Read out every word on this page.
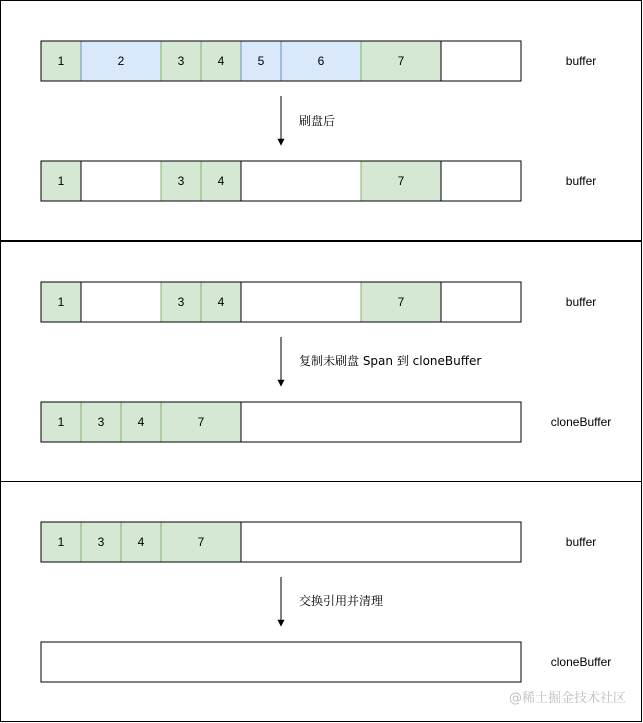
1	2	3	4	5	6	7	buffer
1	3	4	7	buffer
刷盘后
1	3	4	7	buffer
1	3	4	7	cloneBuffer
复制未刷盘 Span 到 cloneBuffer
1	3	4	7	buffer
cloneBuffer
交换引用并清理
@稀土掘金技术社区
